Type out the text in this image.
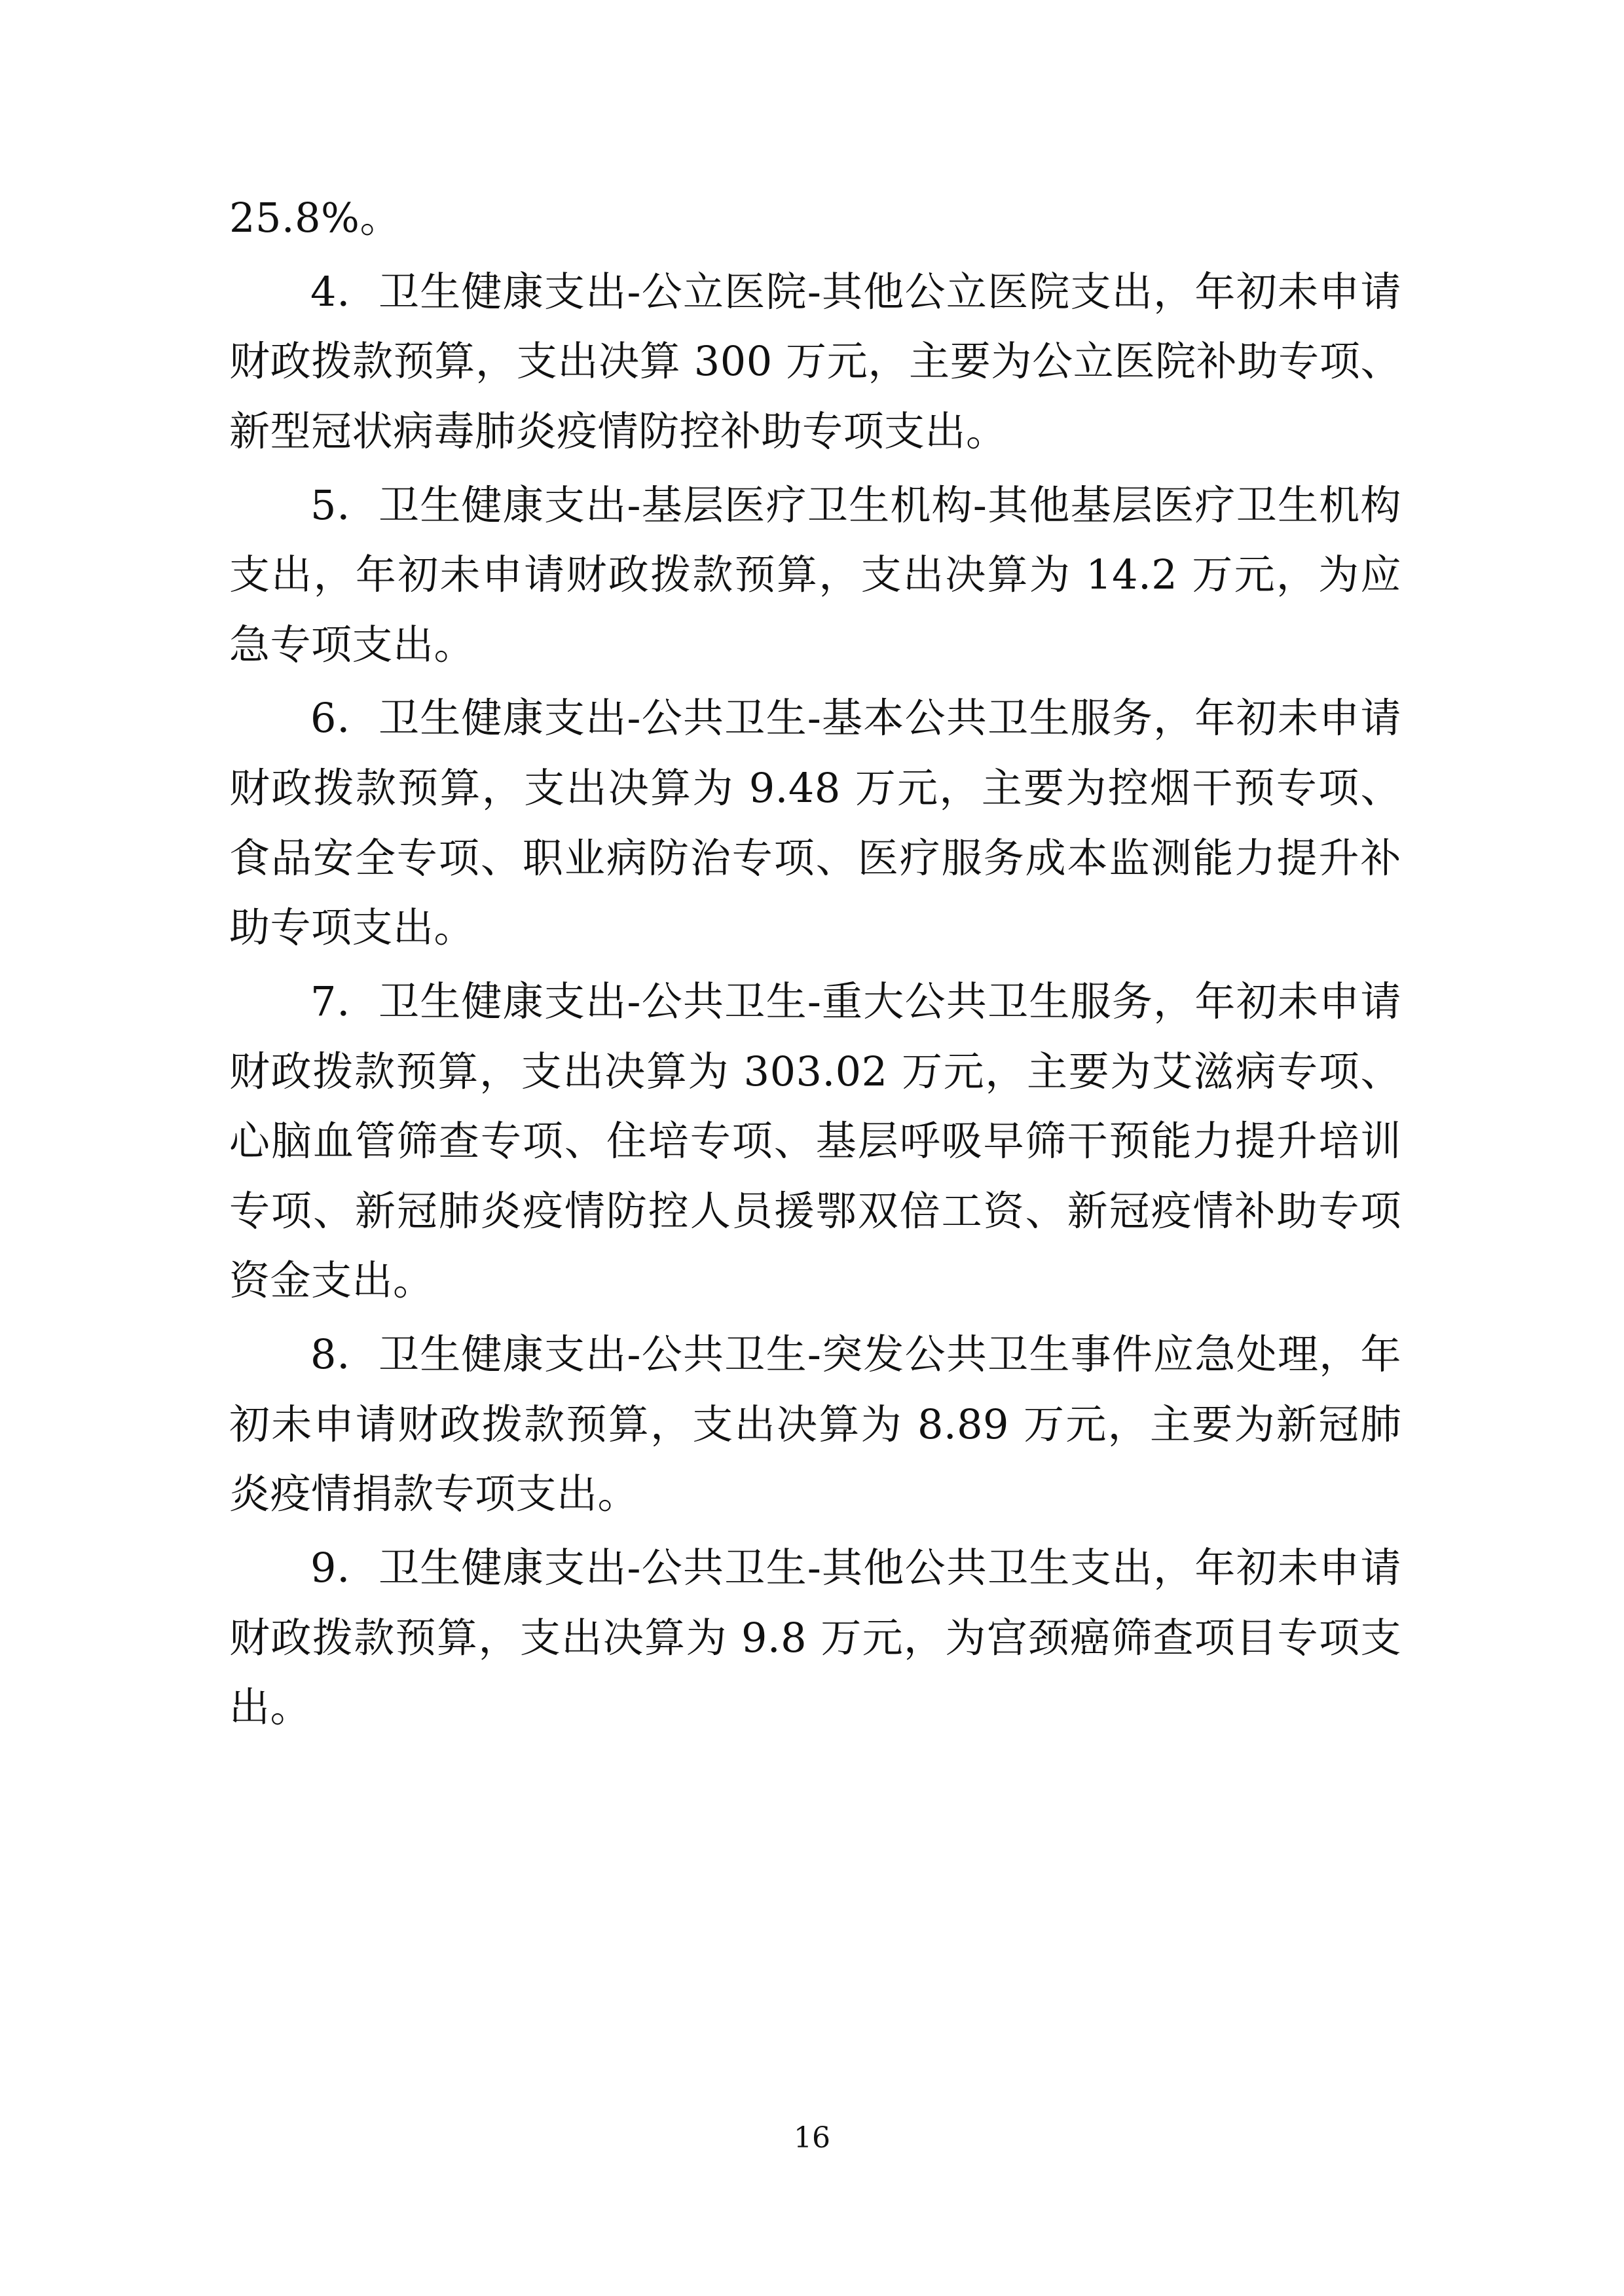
25.8%。

4．卫生健康支出-公立医院-其他公立医院支出，年初未申请财政拨款预算，支出决算 300 万元，主要为公立医院补助专项、新型冠状病毒肺炎疫情防控补助专项支出。

5．卫生健康支出-基层医疗卫生机构-其他基层医疗卫生机构支出，年初未申请财政拨款预算，支出决算为 14.2 万元，为应急专项支出。

6．卫生健康支出-公共卫生-基本公共卫生服务，年初未申请财政拨款预算，支出决算为 9.48 万元，主要为控烟干预专项、食品安全专项、职业病防治专项、医疗服务成本监测能力提升补助专项支出。

7．卫生健康支出-公共卫生-重大公共卫生服务，年初未申请财政拨款预算，支出决算为 303.02 万元，主要为艾滋病专项、心脑血管筛查专项、住培专项、基层呼吸早筛干预能力提升培训专项、新冠肺炎疫情防控人员援鄂双倍工资、新冠疫情补助专项资金支出。

8．卫生健康支出-公共卫生-突发公共卫生事件应急处理，年初未申请财政拨款预算，支出决算为 8.89 万元，主要为新冠肺炎疫情捐款专项支出。

9．卫生健康支出-公共卫生-其他公共卫生支出，年初未申请财政拨款预算，支出决算为 9.8 万元，为宫颈癌筛查项目专项支出。

16
